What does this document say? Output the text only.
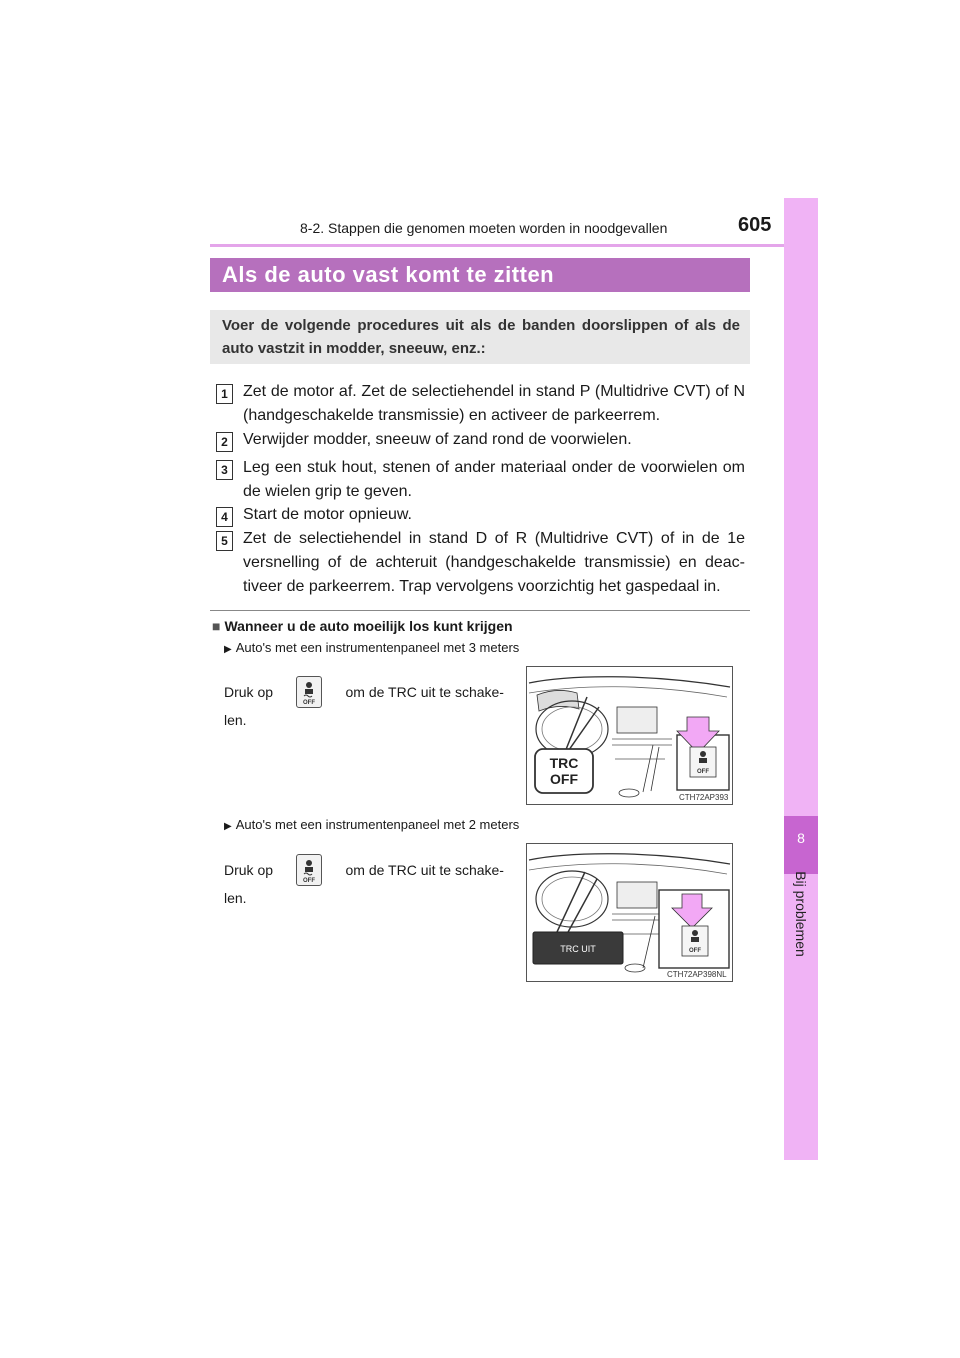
8-2. Stappen die genomen moeten worden in noodgevallen	605
8
Bij problemen
Als de auto vast komt te zitten
Voer de volgende procedures uit als de banden doorslippen of als de auto vastzit in modder, sneeuw, enz.:
1 Zet de motor af. Zet de selectiehendel in stand P (Multidrive CVT) of N (handgeschakelde transmissie) en activeer de parkeerrem.
2 Verwijder modder, sneeuw of zand rond de voorwielen.
3 Leg een stuk hout, stenen of ander materiaal onder de voorwielen om de wielen grip te geven.
4 Start de motor opnieuw.
5 Zet de selectiehendel in stand D of R (Multidrive CVT) of in de 1e versnelling of de achteruit (handgeschakelde transmissie) en deactiveer de parkeerrem. Trap vervolgens voorzichtig het gaspedaal in.
■ Wanneer u de auto moeilijk los kunt krijgen
▶ Auto's met een instrumentenpaneel met 3 meters
Druk op
OFF
om de TRC uit te schake-
len.
OFF
TRC
OFF
CTH72AP393
▶ Auto's met een instrumentenpaneel met 2 meters
Druk op
OFF
om de TRC uit te schake-
len.
OFF
TRC UIT
CTH72AP398NL
